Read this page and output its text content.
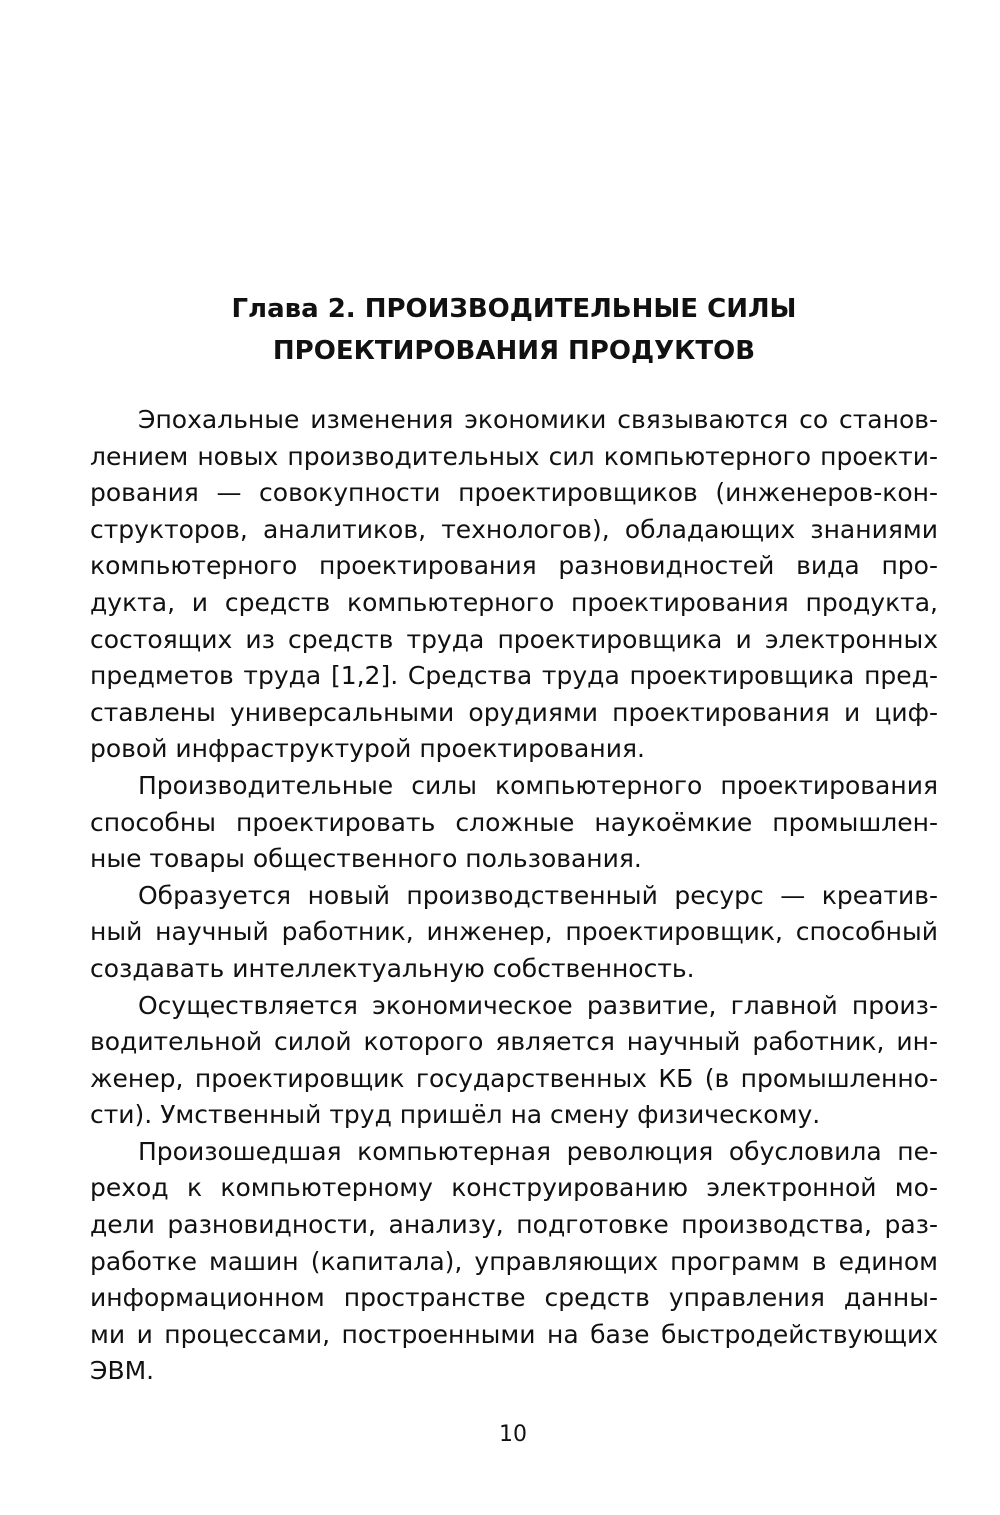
Глава 2. ПРОИЗВОДИТЕЛЬНЫЕ СИЛЫ
ПРОЕКТИРОВАНИЯ ПРОДУКТОВ
Эпохальные изменения экономики связываются со станов-
лением новых производительных сил компьютерного проекти-
рования — совокупности проектировщиков (инженеров-кон-
структоров, аналитиков, технологов), обладающих знаниями
компьютерного проектирования разновидностей вида про-
дукта, и средств компьютерного проектирования продукта,
состоящих из средств труда проектировщика и электронных
предметов труда [1,2]. Средства труда проектировщика пред-
ставлены универсальными орудиями проектирования и циф-
ровой инфраструктурой проектирования.
Производительные силы компьютерного проектирования
способны проектировать сложные наукоёмкие промышлен-
ные товары общественного пользования.
Образуется новый производственный ресурс — креатив-
ный научный работник, инженер, проектировщик, способный
создавать интеллектуальную собственность.
Осуществляется экономическое развитие, главной произ-
водительной силой которого является научный работник, ин-
женер, проектировщик государственных КБ (в промышленно-
сти). Умственный труд пришёл на смену физическому.
Произошедшая компьютерная революция обусловила пе-
реход к компьютерному конструированию электронной мо-
дели разновидности, анализу, подготовке производства, раз-
работке машин (капитала), управляющих программ в едином
информационном пространстве средств управления данны-
ми и процессами, построенными на базе быстродействующих
ЭВМ.
10
